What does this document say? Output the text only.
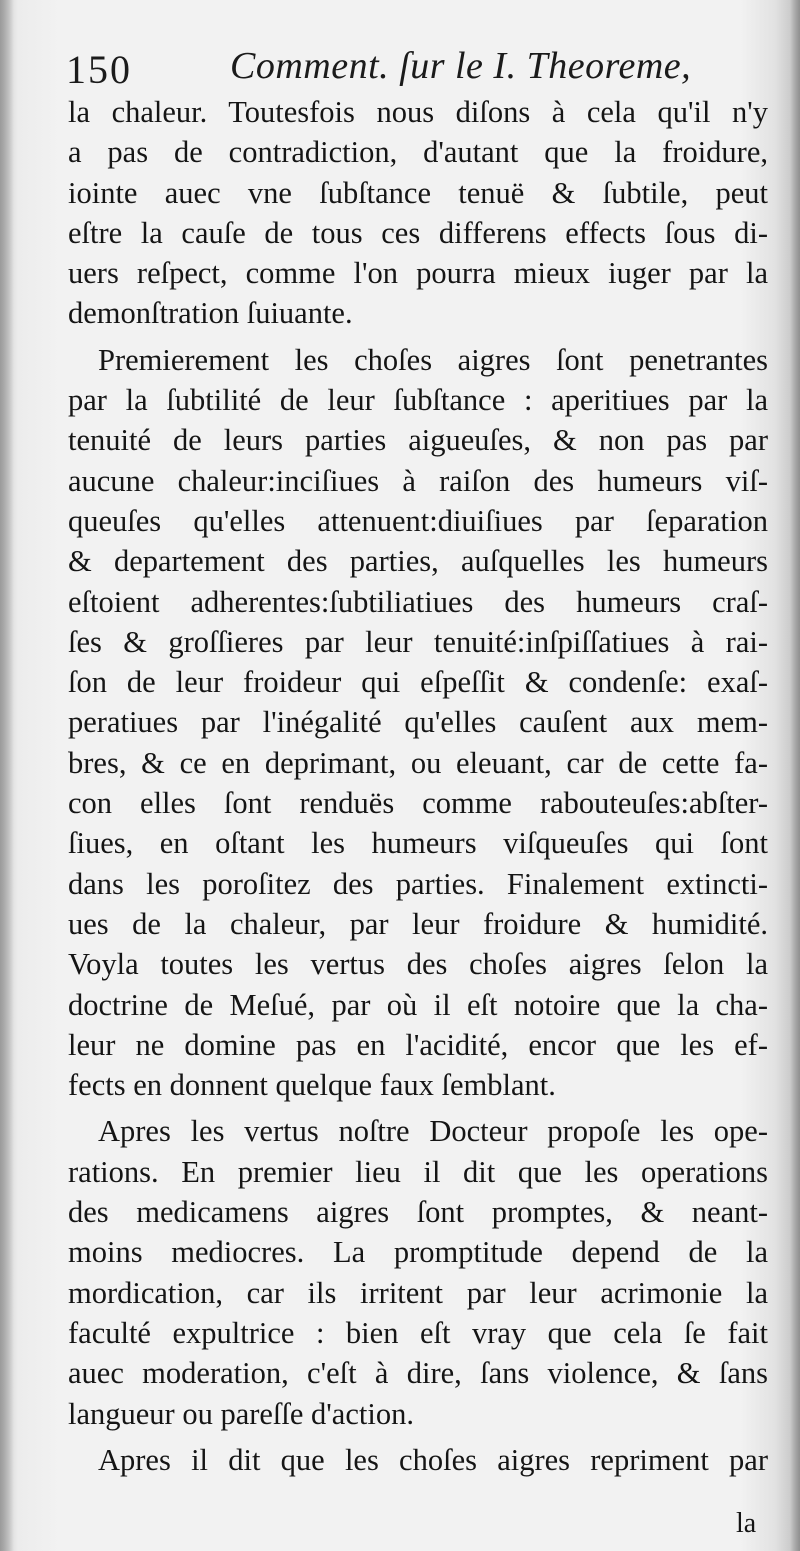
150	Comment. ſur le I. Theoreme,
la chaleur. Toutesfois nous diſons à cela qu'il n'y
a pas de contradiction, d'autant que la froidure,
iointe auec vne ſubſtance tenuë & ſubtile, peut
eſtre la cauſe de tous ces differens effects ſous di-
uers reſpect, comme l'on pourra mieux iuger par la
demonſtration ſuiuante.
Premierement les choſes aigres ſont penetrantes
par la ſubtilité de leur ſubſtance : aperitiues par la
tenuité de leurs parties aigueuſes, & non pas par
aucune chaleur:inciſiues à raiſon des humeurs viſ-
queuſes qu'elles attenuent:diuiſiues par ſeparation
& departement des parties, auſquelles les humeurs
eſtoient adherentes:ſubtiliatiues des humeurs craſ-
ſes & groſſieres par leur tenuité:inſpiſſatiues à rai-
ſon de leur froideur qui eſpeſſit & condenſe: exaſ-
peratiues par l'inégalité qu'elles cauſent aux mem-
bres, & ce en deprimant, ou eleuant, car de cette fa-
con elles ſont renduës comme rabouteuſes:abſter-
ſiues, en oſtant les humeurs viſqueuſes qui ſont
dans les poroſitez des parties. Finalement extincti-
ues de la chaleur, par leur froidure & humidité.
Voyla toutes les vertus des choſes aigres ſelon la
doctrine de Meſué, par où il eſt notoire que la cha-
leur ne domine pas en l'acidité, encor que les ef-
fects en donnent quelque faux ſemblant.
Apres les vertus noſtre Docteur propoſe les ope-
rations. En premier lieu il dit que les operations
des medicamens aigres ſont promptes, & neant-
moins mediocres. La promptitude depend de la
mordication, car ils irritent par leur acrimonie la
faculté expultrice : bien eſt vray que cela ſe fait
auec moderation, c'eſt à dire, ſans violence, & ſans
langueur ou pareſſe d'action.
Apres il dit que les choſes aigres repriment par
la
